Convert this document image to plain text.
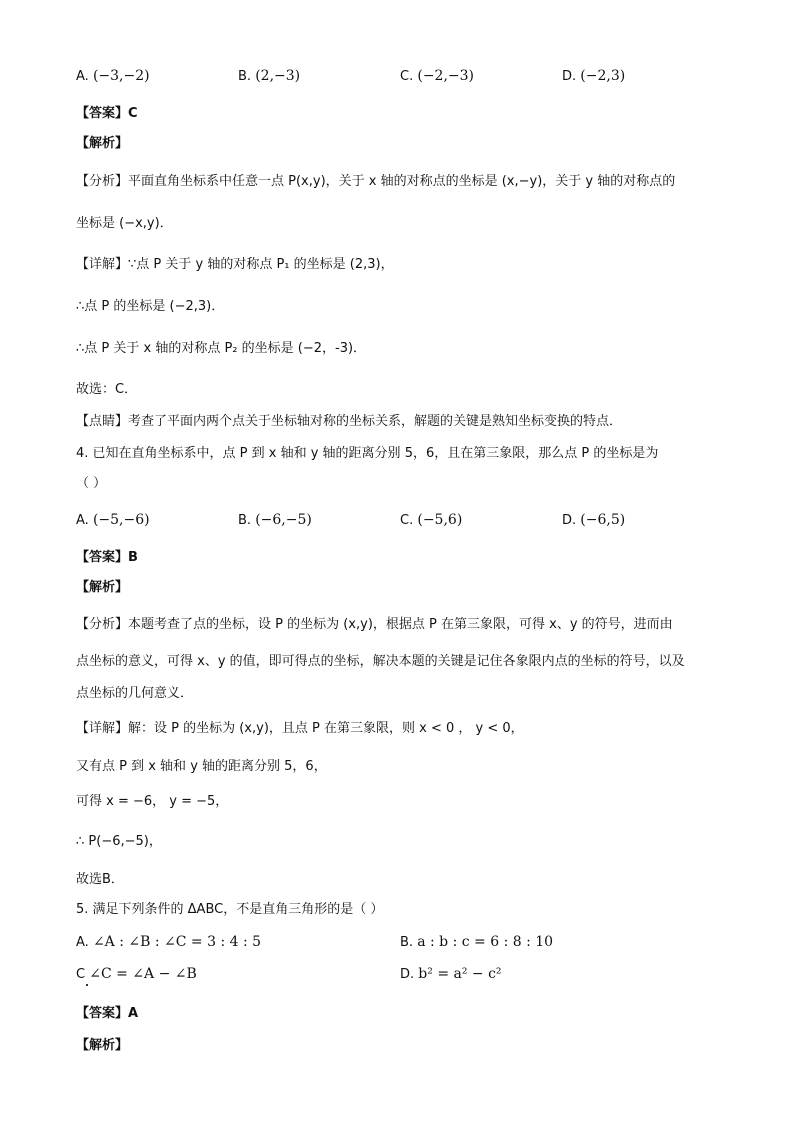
A. (−3,−2)	B. (2,−3)	C. (−2,−3)	D. (−2,3)
【答案】C
【解析】
【分析】平面直角坐标系中任意一点 P(x,y)，关于 x 轴的对称点的坐标是 (x,−y)，关于 y 轴的对称点的
坐标是 (−x,y)．
【详解】∵点 P 关于 y 轴的对称点 P₁ 的坐标是 (2,3)，
∴点 P 的坐标是 (−2,3)．
∴点 P 关于 x 轴的对称点 P₂ 的坐标是 (−2，-3)．
故选：C．
【点睛】考查了平面内两个点关于坐标轴对称的坐标关系，解题的关键是熟知坐标变换的特点．
4. 已知在直角坐标系中，点 P 到 x 轴和 y 轴的距离分别 5，6，且在第三象限，那么点 P 的坐标是为
（ ）
A. (−5,−6)	B. (−6,−5)	C. (−5,6)	D. (−6,5)
【答案】B
【解析】
【分析】本题考查了点的坐标，设 P 的坐标为 (x,y)，根据点 P 在第三象限，可得 x、y 的符号，进而由
点坐标的意义，可得 x、y 的值，即可得点的坐标，解决本题的关键是记住各象限内点的坐标的符号，以及
点坐标的几何意义．
【详解】解：设 P 的坐标为 (x,y)，且点 P 在第三象限，则 x < 0 ， y < 0，
又有点 P 到 x 轴和 y 轴的距离分别 5，6，
可得 x = −6， y = −5，
∴ P(−6,−5)，
故选B．
5. 满足下列条件的 ΔABC，不是直角三角形的是（ ）
A. ∠A : ∠B : ∠C = 3 : 4 : 5	B. a : b : c = 6 : 8 : 10
C ∠C = ∠A − ∠B	D. b² = a² − c²
【答案】A
【解析】
